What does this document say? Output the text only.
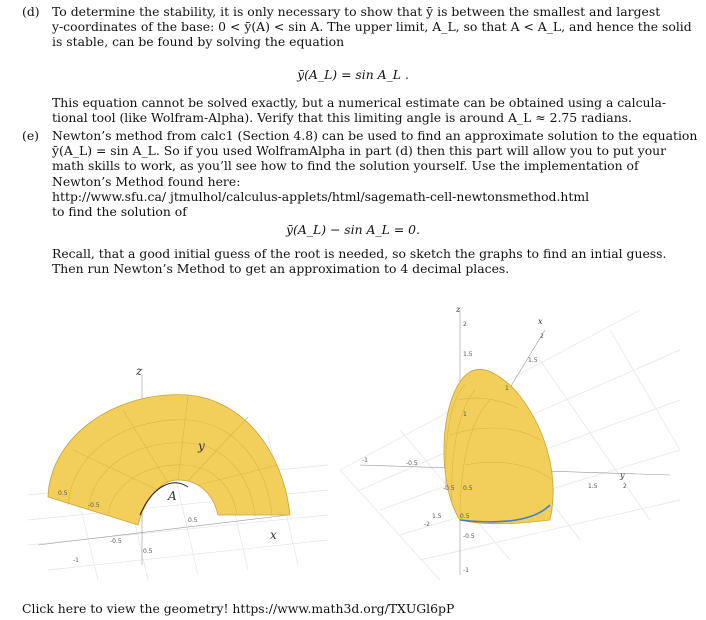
(d) To determine the stability, it is only necessary to show that ȳ is between the smallest and largest
y-coordinates of the base: 0 < ȳ(A) < sin A. The upper limit, A_L, so that A < A_L, and hence the solid
is stable, can be found by solving the equation
ȳ(A_L) = sin A_L .
This equation cannot be solved exactly, but a numerical estimate can be obtained using a calcula-
tional tool (like Wolfram-Alpha). Verify that this limiting angle is around A_L ≈ 2.75 radians.
(e) Newton’s method from calc1 (Section 4.8) can be used to find an approximate solution to the equation
ȳ(A_L) = sin A_L. So if you used WolframAlpha in part (d) then this part will allow you to put your
math skills to work, as you’ll see how to find the solution yourself. Use the implementation of
Newton’s Method found here:
http://www.sfu.ca/ jtmulhol/calculus-applets/html/sagemath-cell-newtonsmethod.html
to find the solution of
ȳ(A_L) − sin A_L = 0.
Recall, that a good initial guess of the root is needed, so sketch the graphs to find an intial guess.
Then run Newton’s Method to get an approximation to 4 decimal places.
A
z
x
y
-0.5
0.5
0.5
-0.5
-1
0.5
z
x
y
2
1.5
1
0.5
-0.5
-1
1
1.5
2
1.5	2
-1	-0.5
1.5
-2
0.5
-0.5
Click here to view the geometry! https://www.math3d.org/TXUGl6pP
